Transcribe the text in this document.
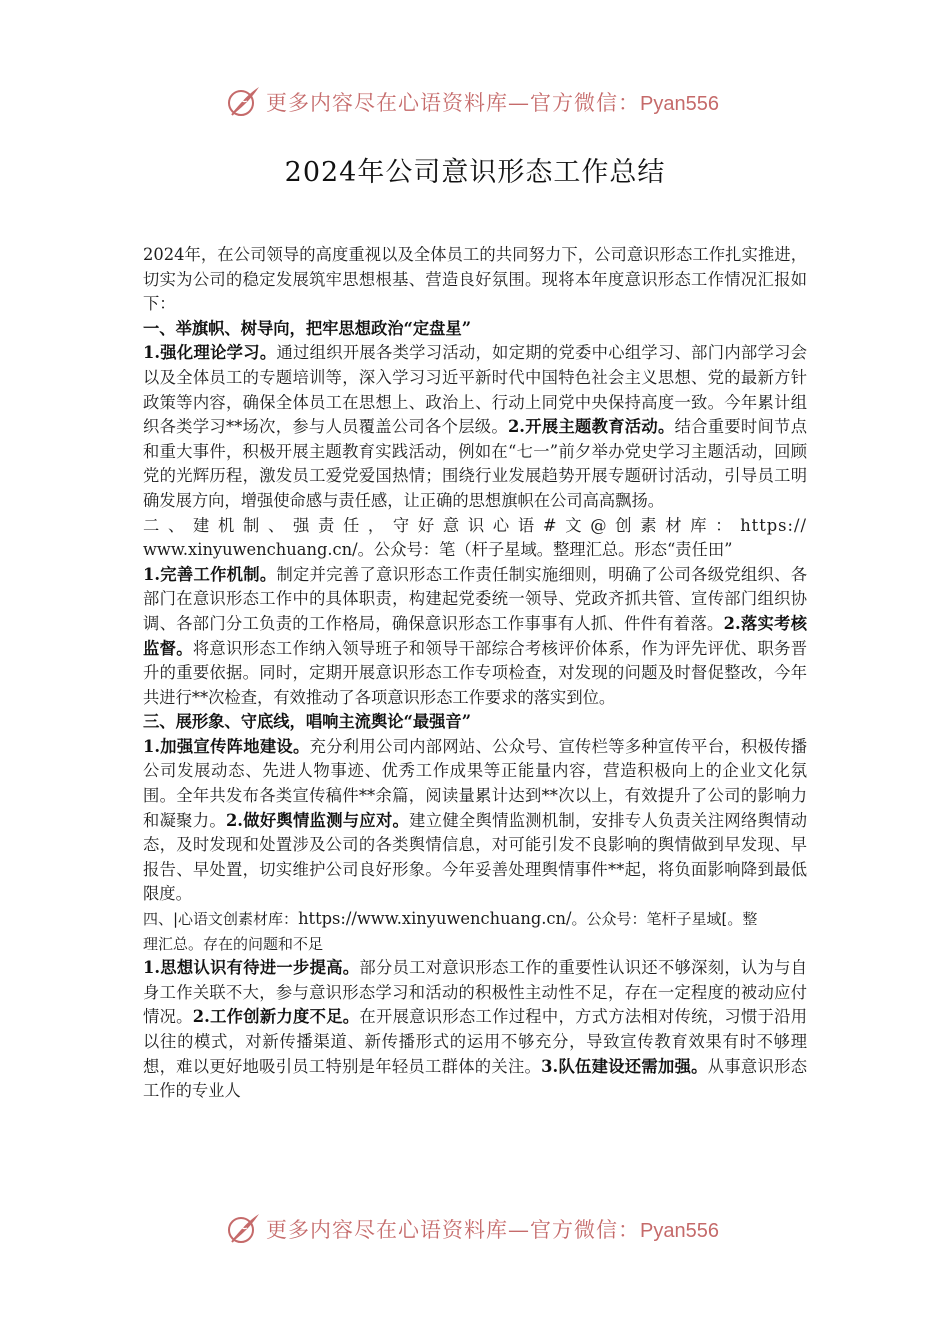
更多内容尽在心语资料库—官方微信：Pyan556
2024年公司意识形态工作总结

2024年，在公司领导的高度重视以及全体员工的共同努力下，公司意识形态工作扎实推进，切实为公司的稳定发展筑牢思想根基、营造良好氛围。现将本年度意识形态工作情况汇报如下：

一、举旗帜、树导向，把牢思想政治“定盘星”

1.强化理论学习。通过组织开展各类学习活动，如定期的党委中心组学习、部门内部学习会以及全体员工的专题培训等，深入学习习近平新时代中国特色社会主义思想、党的最新方针政策等内容，确保全体员工在思想上、政治上、行动上同党中央保持高度一致。今年累计组织各类学习**场次，参与人员覆盖公司各个层级。2.开展主题教育活动。结合重要时间节点和重大事件，积极开展主题教育实践活动，例如在“七一”前夕举办党史学习主题活动，回顾党的光辉历程，激发员工爱党爱国热情；围绕行业发展趋势开展专题研讨活动，引导员工明确发展方向，增强使命感与责任感，让正确的思想旗帜在公司高高飘扬。

二、建机制、强责任，守好意识心语#文@创素材库：https://

www.xinyuwenchuang.cn/。公众号：笔（杆子星域。整理汇总。形态“责任田”

1.完善工作机制。制定并完善了意识形态工作责任制实施细则，明确了公司各级党组织、各部门在意识形态工作中的具体职责，构建起党委统一领导、党政齐抓共管、宣传部门组织协调、各部门分工负责的工作格局，确保意识形态工作事事有人抓、件件有着落。2.落实考核监督。将意识形态工作纳入领导班子和领导干部综合考核评价体系，作为评先评优、职务晋升的重要依据。同时，定期开展意识形态工作专项检查，对发现的问题及时督促整改，今年共进行**次检查，有效推动了各项意识形态工作要求的落实到位。

三、展形象、守底线，唱响主流舆论“最强音”

1.加强宣传阵地建设。充分利用公司内部网站、公众号、宣传栏等多种宣传平台，积极传播公司发展动态、先进人物事迹、优秀工作成果等正能量内容，营造积极向上的企业文化氛围。全年共发布各类宣传稿件**余篇，阅读量累计达到**次以上，有效提升了公司的影响力和凝聚力。2.做好舆情监测与应对。建立健全舆情监测机制，安排专人负责关注网络舆情动态，及时发现和处置涉及公司的各类舆情信息，对可能引发不良影响的舆情做到早发现、早报告、早处置，切实维护公司良好形象。今年妥善处理舆情事件**起，将负面影响降到最低限度。

四、|心语文创素材库：https://www.xinyuwenchuang.cn/。公众号：笔杆子星域[。整

理汇总。存在的问题和不足

1.思想认识有待进一步提高。部分员工对意识形态工作的重要性认识还不够深刻，认为与自身工作关联不大，参与意识形态学习和活动的积极性主动性不足，存在一定程度的被动应付情况。2.工作创新力度不足。在开展意识形态工作过程中，方式方法相对传统，习惯于沿用以往的模式，对新传播渠道、新传播形式的运用不够充分，导致宣传教育效果有时不够理想，难以更好地吸引员工特别是年轻员工群体的关注。3.队伍建设还需加强。从事意识形态工作的专业人

更多内容尽在心语资料库—官方微信：Pyan556
